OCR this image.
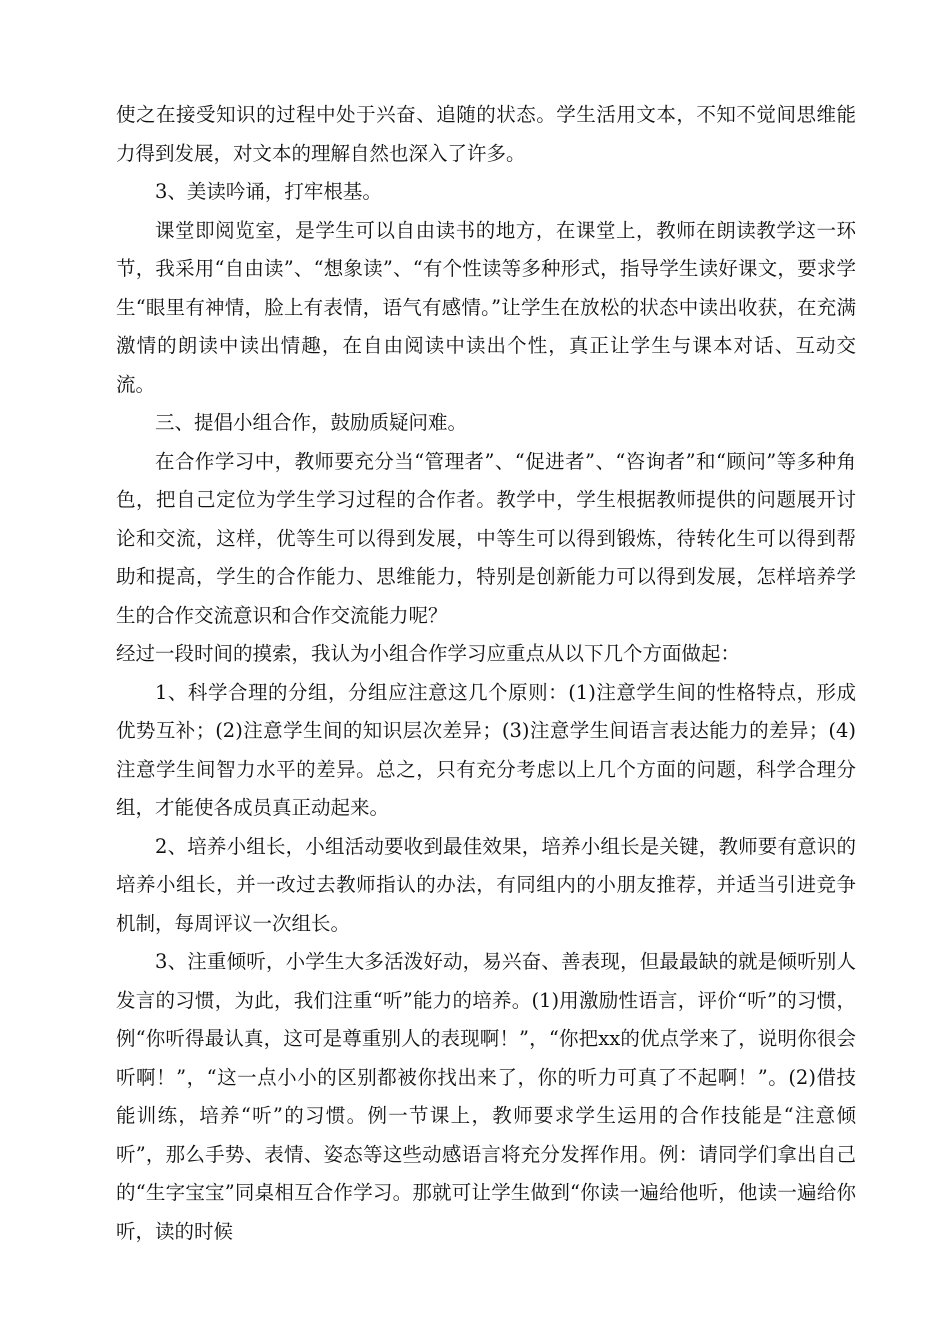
使之在接受知识的过程中处于兴奋、追随的状态。学生活用文本，不知不觉间思维能力得到发展，对文本的理解自然也深入了许多。

3、美读吟诵，打牢根基。

课堂即阅览室，是学生可以自由读书的地方，在课堂上，教师在朗读教学这一环节，我采用“自由读”、“想象读”、“有个性读等多种形式，指导学生读好课文，要求学生“眼里有神情，脸上有表情，语气有感情。”让学生在放松的状态中读出收获，在充满激情的朗读中读出情趣，在自由阅读中读出个性，真正让学生与课本对话、互动交流。

三、提倡小组合作，鼓励质疑问难。

在合作学习中，教师要充分当“管理者”、“促进者”、“咨询者”和“顾问”等多种角色，把自己定位为学生学习过程的合作者。教学中，学生根据教师提供的问题展开讨论和交流，这样，优等生可以得到发展，中等生可以得到锻炼，待转化生可以得到帮助和提高，学生的合作能力、思维能力，特别是创新能力可以得到发展，怎样培养学生的合作交流意识和合作交流能力呢？

经过一段时间的摸索，我认为小组合作学习应重点从以下几个方面做起：

1、科学合理的分组，分组应注意这几个原则：(1)注意学生间的性格特点，形成优势互补；(2)注意学生间的知识层次差异；(3)注意学生间语言表达能力的差异；(4)注意学生间智力水平的差异。总之，只有充分考虑以上几个方面的问题，科学合理分组，才能使各成员真正动起来。

2、培养小组长，小组活动要收到最佳效果，培养小组长是关键，教师要有意识的培养小组长，并一改过去教师指认的办法，有同组内的小朋友推荐，并适当引进竞争机制，每周评议一次组长。

3、注重倾听，小学生大多活泼好动，易兴奋、善表现，但最最缺的就是倾听别人发言的习惯，为此，我们注重“听”能力的培养。(1)用激励性语言，评价“听”的习惯，例“你听得最认真，这可是尊重别人的表现啊！”，“你把xx的优点学来了，说明你很会听啊！”，“这一点小小的区别都被你找出来了，你的听力可真了不起啊！”。(2)借技能训练，培养“听”的习惯。例一节课上，教师要求学生运用的合作技能是“注意倾听”，那么手势、表情、姿态等这些动感语言将充分发挥作用。例：请同学们拿出自己的“生字宝宝”同桌相互合作学习。那就可让学生做到“你读一遍给他听，他读一遍给你听，读的时候
